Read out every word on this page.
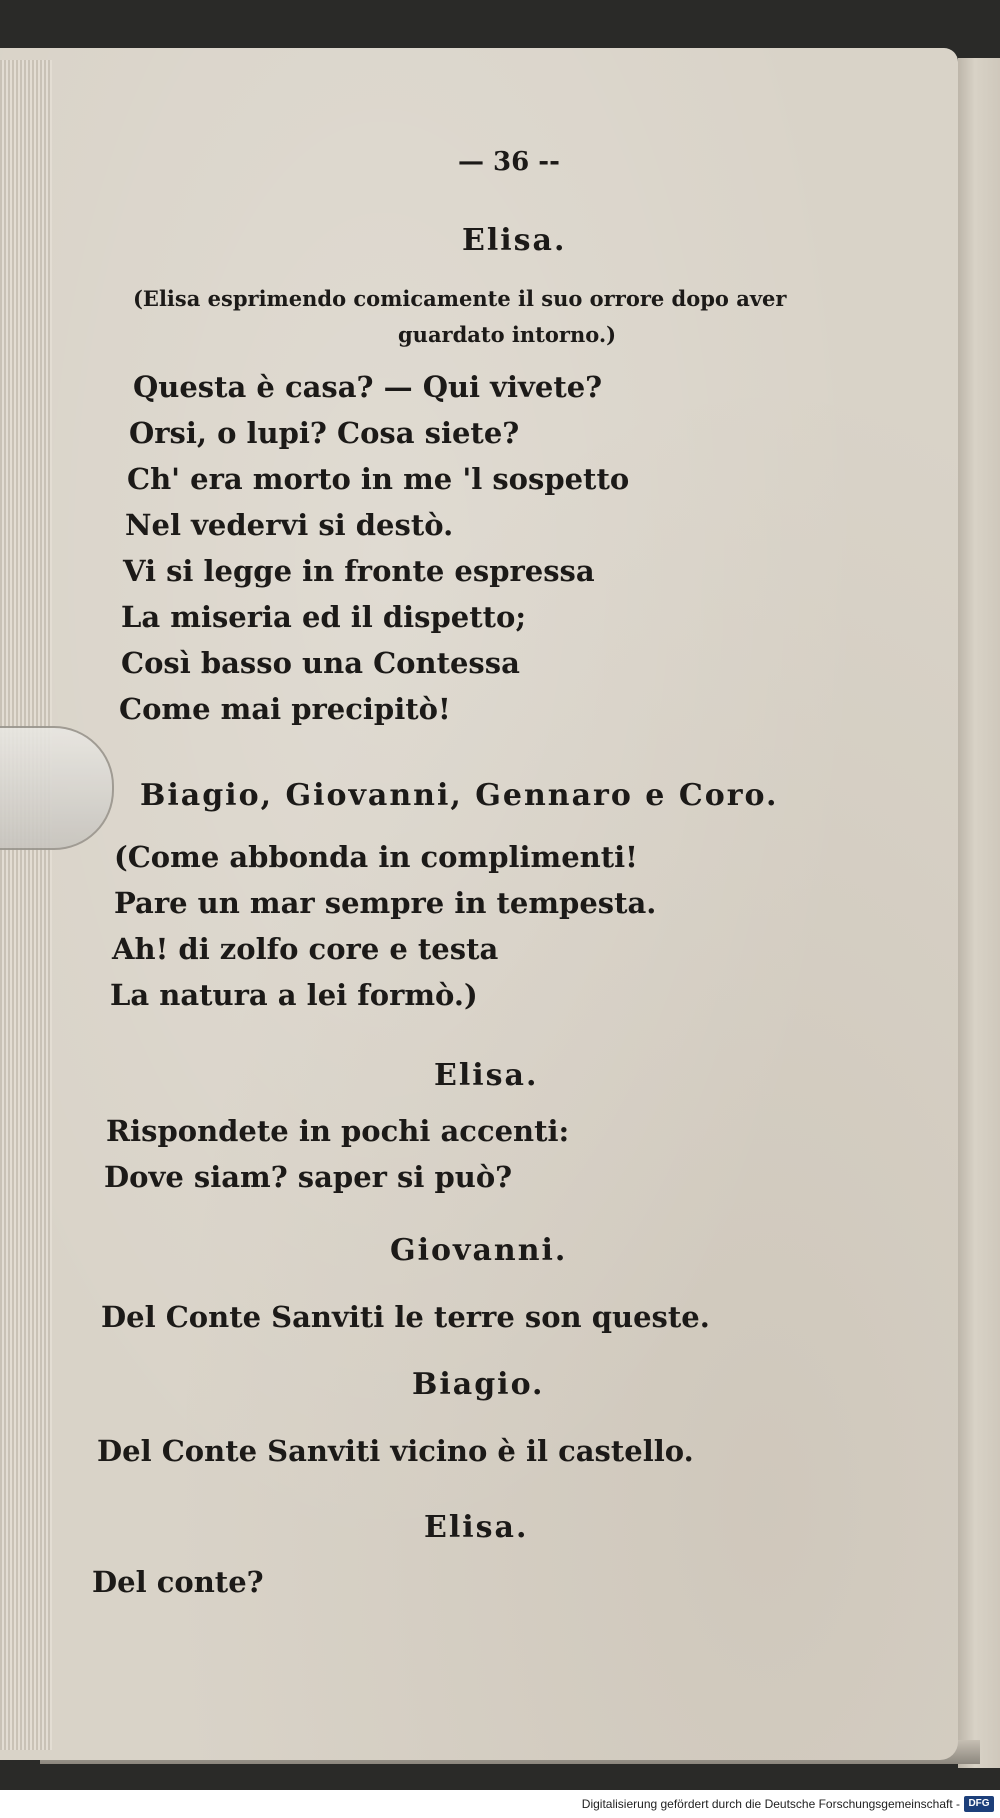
— 36 --
Elisa.
(Elisa esprimendo comicamente il suo orrore dopo aver
guardato intorno.)
Questa è casa? — Qui vivete?
Orsi, o lupi? Cosa siete?
Ch' era morto in me 'l sospetto
Nel vedervi si destò.
Vi si legge in fronte espressa
La miseria ed il dispetto;
Così basso una Contessa
Come mai precipitò!
Biagio, Giovanni, Gennaro e Coro.
(Come abbonda in complimenti!
Pare un mar sempre in tempesta.
Ah! di zolfo core e testa
La natura a lei formò.)
Elisa.
Rispondete in pochi accenti:
Dove siam? saper si può?
Giovanni.
Del Conte Sanviti le terre son queste.
Biagio.
Del Conte Sanviti vicino è il castello.
Elisa.
Del conte?
Digitalisierung gefördert durch die Deutsche Forschungsgemeinschaft - DFG
